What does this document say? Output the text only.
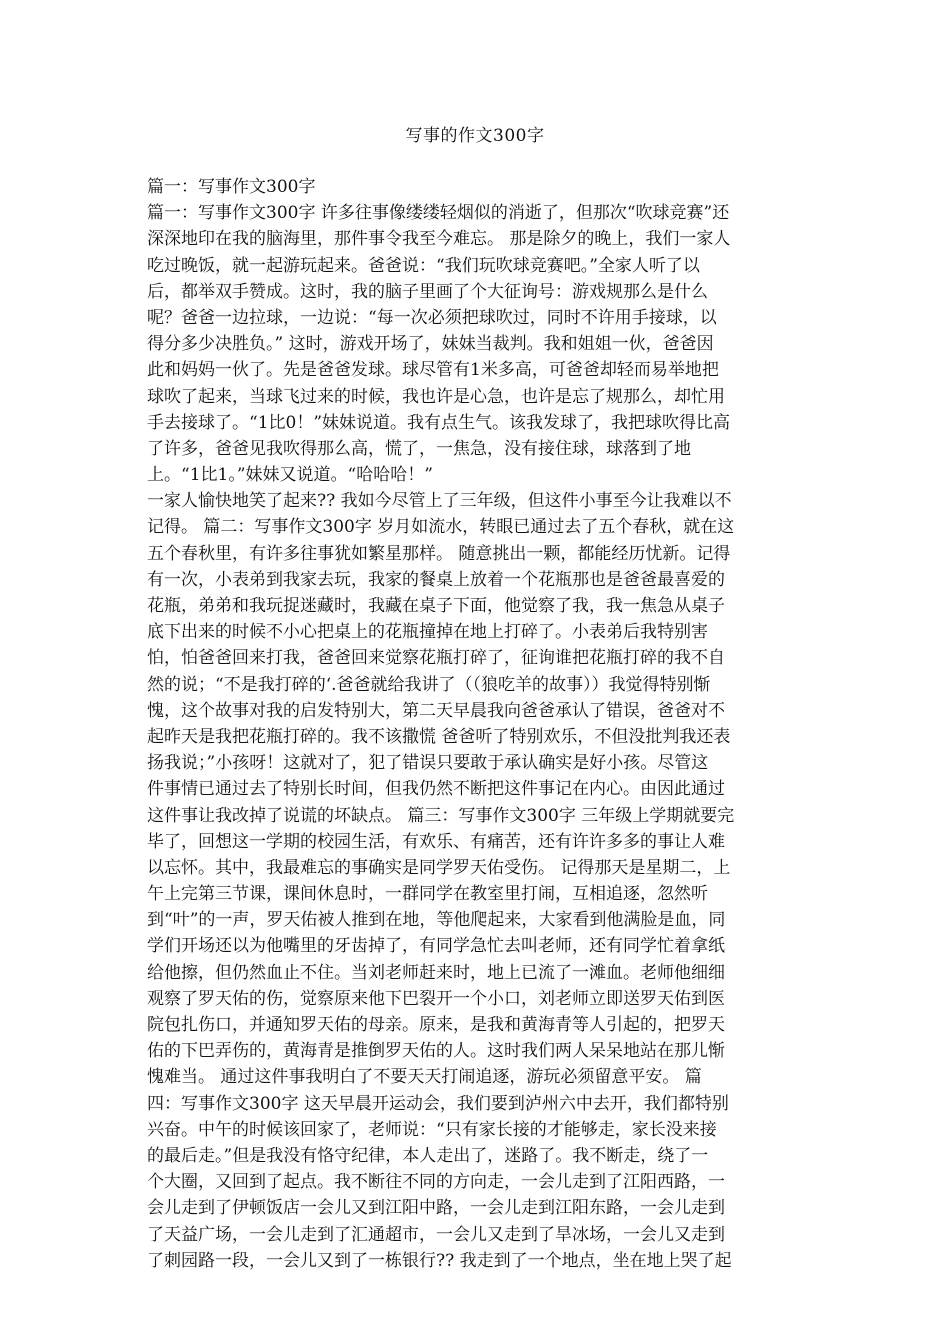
写事的作文300字
篇一：写事作文300字
篇一：写事作文300字 许多往事像缕缕轻烟似的消逝了，但那次“吹球竞赛”还
深深地印在我的脑海里，那件事令我至今难忘。 那是除夕的晚上，我们一家人
吃过晚饭，就一起游玩起来。爸爸说：“我们玩吹球竞赛吧。”全家人听了以
后，都举双手赞成。这时，我的脑子里画了个大征询号：游戏规那么是什么
呢？爸爸一边拉球，一边说：“每一次必须把球吹过，同时不许用手接球，以
得分多少决胜负。” 这时，游戏开场了，妹妹当裁判。我和姐姐一伙，爸爸因
此和妈妈一伙了。先是爸爸发球。球尽管有1米多高，可爸爸却轻而易举地把
球吹了起来，当球飞过来的时候，我也许是心急，也许是忘了规那么，却忙用
手去接球了。“1比0！”妹妹说道。我有点生气。该我发球了，我把球吹得比高
了许多，爸爸见我吹得那么高，慌了，一焦急，没有接住球，球落到了地
上。“1比1。”妹妹又说道。“哈哈哈！”
一家人愉快地笑了起来?? 我如今尽管上了三年级，但这件小事至今让我难以不
记得。 篇二：写事作文300字 岁月如流水，转眼已通过去了五个春秋，就在这
五个春秋里，有许多往事犹如繁星那样。 随意挑出一颗，都能经历忧新。记得
有一次，小表弟到我家去玩，我家的餐桌上放着一个花瓶那也是爸爸最喜爱的
花瓶，弟弟和我玩捉迷藏时，我藏在桌子下面，他觉察了我，我一焦急从桌子
底下出来的时候不小心把桌上的花瓶撞掉在地上打碎了。小表弟后我特别害
怕，怕爸爸回来打我，爸爸回来觉察花瓶打碎了，征询谁把花瓶打碎的我不自
然的说；“不是我打碎的‘.爸爸就给我讲了（（狼吃羊的故事））我觉得特别惭
愧，这个故事对我的启发特别大，第二天早晨我向爸爸承认了错误，爸爸对不
起昨天是我把花瓶打碎的。我不该撒慌 爸爸听了特别欢乐，不但没批判我还表
扬我说；”小孩呀！这就对了，犯了错误只要敢于承认确实是好小孩。尽管这
件事情已通过去了特别长时间，但我仍然不断把这件事记在内心。由因此通过
这件事让我改掉了说谎的坏缺点。 篇三：写事作文300字 三年级上学期就要完
毕了，回想这一学期的校园生活，有欢乐、有痛苦，还有许许多多的事让人难
以忘怀。其中，我最难忘的事确实是同学罗天佑受伤。 记得那天是星期二，上
午上完第三节课，课间休息时，一群同学在教室里打闹，互相追逐，忽然听
到“叶”的一声，罗天佑被人推到在地，等他爬起来，大家看到他满脸是血，同
学们开场还以为他嘴里的牙齿掉了，有同学急忙去叫老师，还有同学忙着拿纸
给他擦，但仍然血止不住。当刘老师赶来时，地上已流了一滩血。老师他细细
观察了罗天佑的伤，觉察原来他下巴裂开一个小口，刘老师立即送罗天佑到医
院包扎伤口，并通知罗天佑的母亲。原来，是我和黄海青等人引起的，把罗天
佑的下巴弄伤的，黄海青是推倒罗天佑的人。这时我们两人呆呆地站在那儿惭
愧难当。 通过这件事我明白了不要天天打闹追逐，游玩必须留意平安。 篇
四：写事作文300字 这天早晨开运动会，我们要到泸州六中去开，我们都特别
兴奋。中午的时候该回家了，老师说：“只有家长接的才能够走，家长没来接
的最后走。”但是我没有恪守纪律，本人走出了，迷路了。我不断走，绕了一
个大圈，又回到了起点。我不断往不同的方向走，一会儿走到了江阳西路，一
会儿走到了伊顿饭店一会儿又到江阳中路，一会儿走到江阳东路，一会儿走到
了天益广场，一会儿走到了汇通超市，一会儿又走到了旱冰场，一会儿又走到
了刺园路一段，一会儿又到了一栋银行?? 我走到了一个地点，坐在地上哭了起
